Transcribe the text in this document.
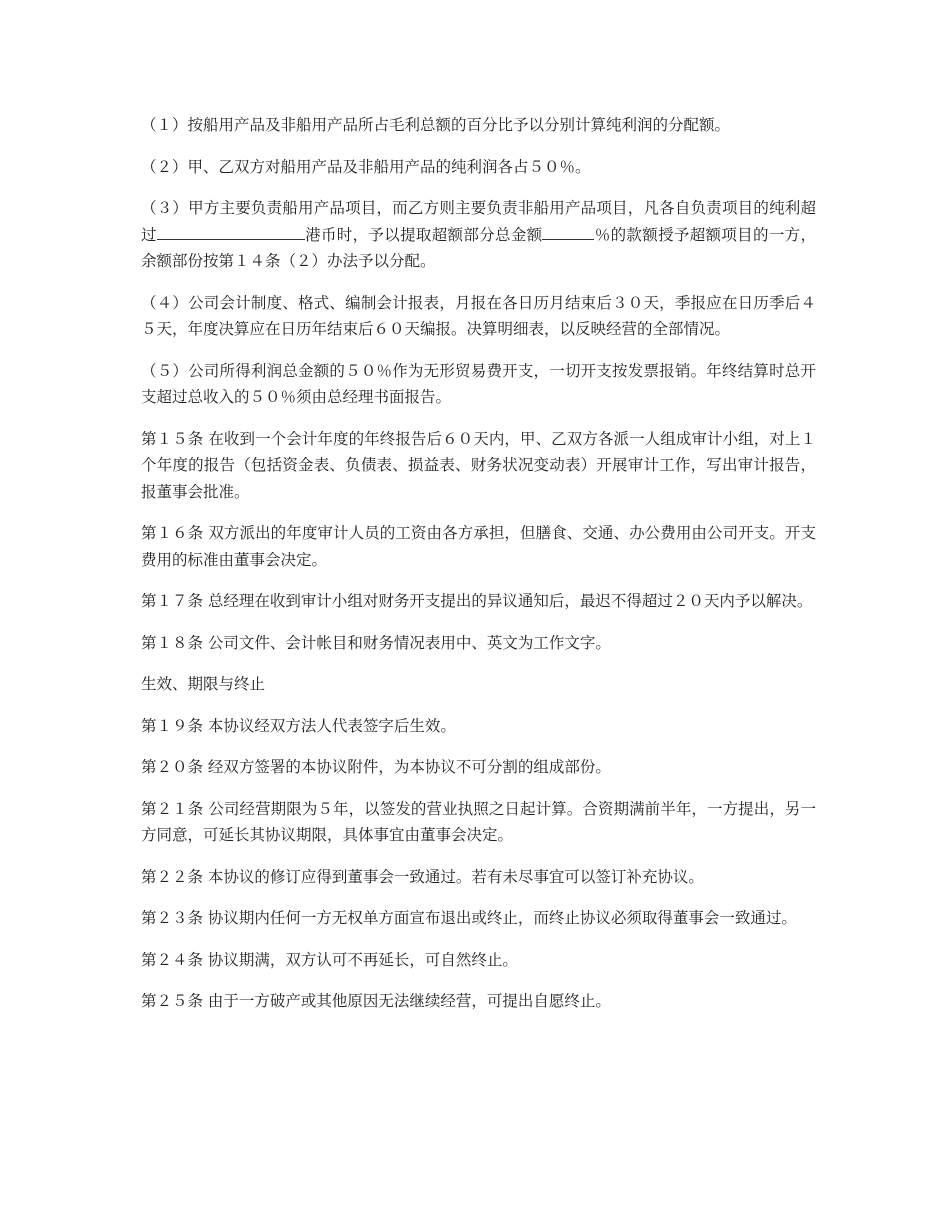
（１）按船用产品及非船用产品所占毛利总额的百分比予以分别计算纯利润的分配额。

（２）甲、乙双方对船用产品及非船用产品的纯利润各占５０％。

（３）甲方主要负责船用产品项目，而乙方则主要负责非船用产品项目，凡各自负责项目的纯利超过	港币时，予以提取超额部分总金额	％的款额授予超额项目的一方，余额部份按第１４条（２）办法予以分配。

（４）公司会计制度、格式、编制会计报表，月报在各日历月结束后３０天，季报应在日历季后４５天，年度决算应在日历年结束后６０天编报。决算明细表，以反映经营的全部情况。

（５）公司所得利润总金额的５０％作为无形贸易费开支，一切开支按发票报销。年终结算时总开支超过总收入的５０％须由总经理书面报告。

第１５条 在收到一个会计年度的年终报告后６０天内，甲、乙双方各派一人组成审计小组，对上１个年度的报告（包括资金表、负债表、损益表、财务状况变动表）开展审计工作，写出审计报告，报董事会批准。

第１６条 双方派出的年度审计人员的工资由各方承担，但膳食、交通、办公费用由公司开支。开支费用的标准由董事会决定。

第１７条 总经理在收到审计小组对财务开支提出的异议通知后，最迟不得超过２０天内予以解决。

第１８条 公司文件、会计帐目和财务情况表用中、英文为工作文字。

生效、期限与终止

第１９条 本协议经双方法人代表签字后生效。

第２０条 经双方签署的本协议附件，为本协议不可分割的组成部份。

第２１条 公司经营期限为５年，以签发的营业执照之日起计算。合资期满前半年，一方提出，另一方同意，可延长其协议期限，具体事宜由董事会决定。

第２２条 本协议的修订应得到董事会一致通过。若有未尽事宜可以签订补充协议。

第２３条 协议期内任何一方无权单方面宣布退出或终止，而终止协议必须取得董事会一致通过。

第２４条 协议期满，双方认可不再延长，可自然终止。

第２５条 由于一方破产或其他原因无法继续经营，可提出自愿终止。
